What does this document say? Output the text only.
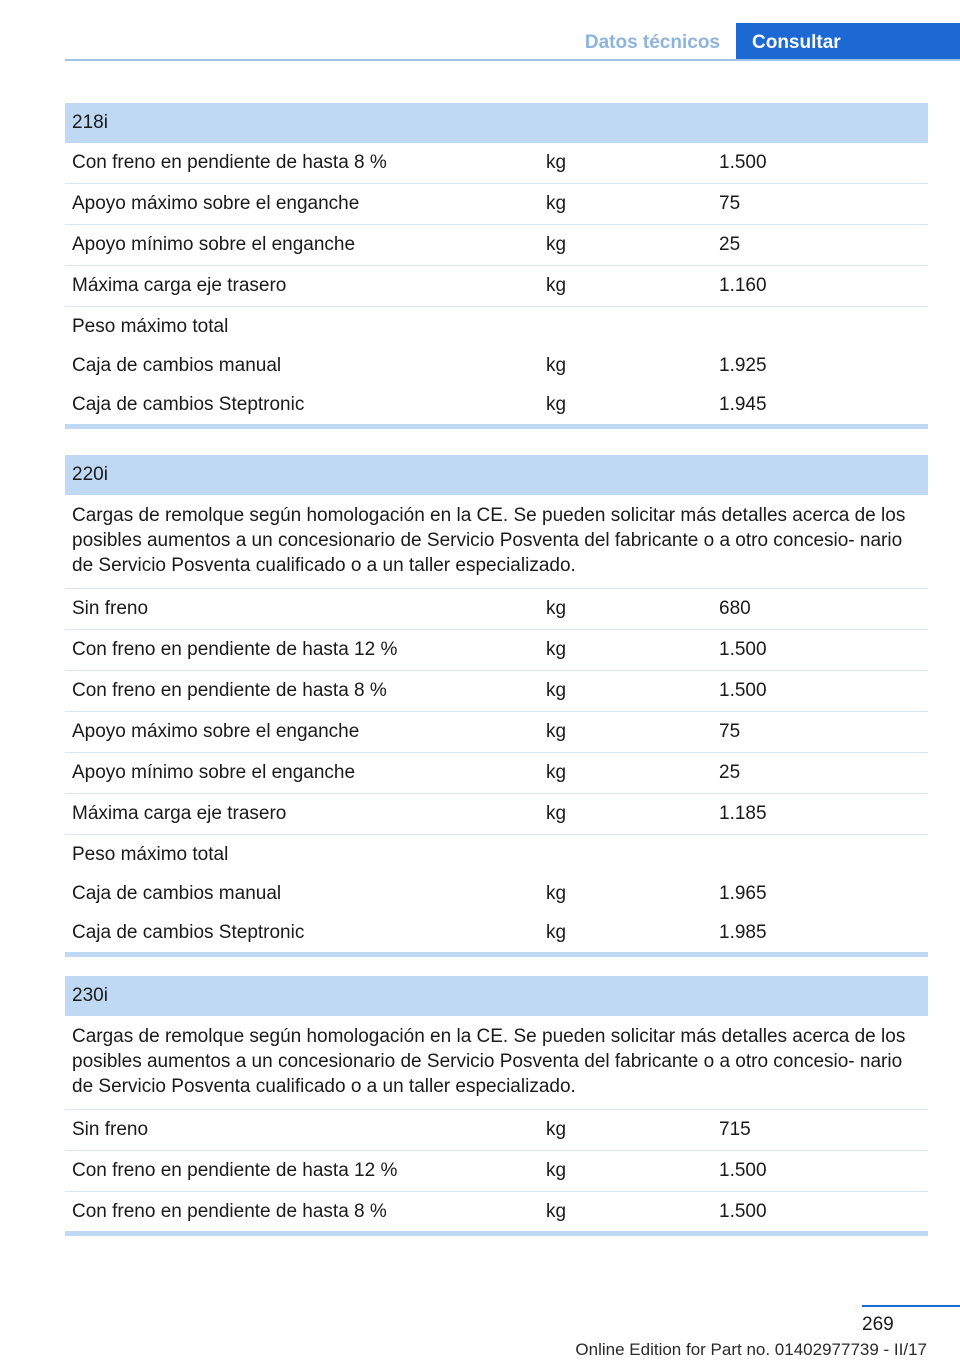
Datos técnicos	Consultar
218i
Con freno en pendiente de hasta 8 %	kg	1.500
Apoyo máximo sobre el enganche	kg	75
Apoyo mínimo sobre el enganche	kg	25
Máxima carga eje trasero	kg	1.160
Peso máximo total
Caja de cambios manual	kg	1.925
Caja de cambios Steptronic	kg	1.945
220i
Cargas de remolque según homologación en la CE. Se pueden solicitar más detalles acerca de los posibles aumentos a un concesionario de Servicio Posventa del fabricante o a otro concesio‐ nario de Servicio Posventa cualificado o a un taller especializado.
Sin freno	kg	680
Con freno en pendiente de hasta 12 %	kg	1.500
Con freno en pendiente de hasta 8 %	kg	1.500
Apoyo máximo sobre el enganche	kg	75
Apoyo mínimo sobre el enganche	kg	25
Máxima carga eje trasero	kg	1.185
Peso máximo total
Caja de cambios manual	kg	1.965
Caja de cambios Steptronic	kg	1.985
230i
Cargas de remolque según homologación en la CE. Se pueden solicitar más detalles acerca de los posibles aumentos a un concesionario de Servicio Posventa del fabricante o a otro concesio‐ nario de Servicio Posventa cualificado o a un taller especializado.
Sin freno	kg	715
Con freno en pendiente de hasta 12 %	kg	1.500
Con freno en pendiente de hasta 8 %	kg	1.500
269
Online Edition for Part no. 01402977739 - II/17
